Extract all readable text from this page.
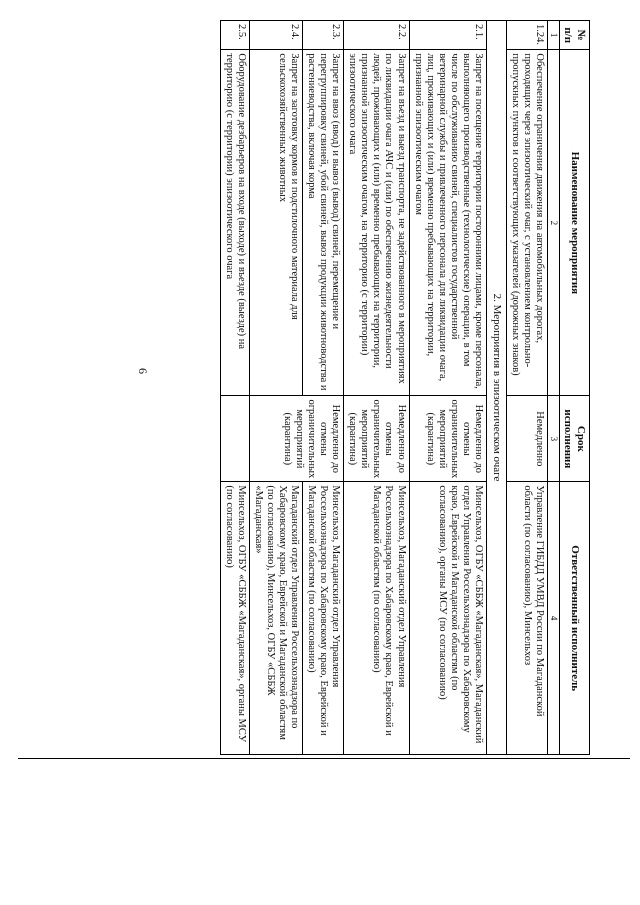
6
№ п/п	Наименование мероприятия	Срок исполнения	Ответственный исполнитель
1	2	3	4
1.24.	Обеспечение ограничения движения на автомобильных дорогах, проходящих через эпизоотический очаг, с установлением контрольно-пропускных пунктов и соответствующих указателей (дорожных знаков)	Немедленно	Управление ГИБДД УМВД России по Магаданской области (по согласованию), Минсельхоз
2. Мероприятия в эпизоотическом очаге			
2.1.	Запрет на посещение территории посторонними лицами, кроме персонала, выполняющего производственные (технологические) операции, в том числе по обслуживанию свиней, специалистов государственной ветеринарной службы и привлеченного персонала для ликвидации очага, лиц, проживающих и (или) временно пребывающих на территории, признанной эпизоотическим очагом	Немедленно до отмены ограничительных мероприятий (карантина)	Минсельхоз, ОГБУ «СББЖ «Магаданская», Магаданский отдел Управления Россельхознадзора по Хабаровскому краю, Еврейской и Магаданской областям (по согласованию), органы МСУ (по согласованию)
2.2.	Запрет на въезд и выезд транспорта, не задействованного в мероприятиях по ликвидации очага АЧС и (или) по обеспечению жизнедеятельности людей, проживающих и (или) временно пребывающих на территории, признанной эпизоотическим очагом, на территорию (с территории) эпизоотического очага	Немедленно до отмены ограничительных мероприятий (карантина)	Минсельхоз, Магаданский отдел Управления Россельхознадзора по Хабаровскому краю, Еврейской и Магаданской областям (по согласованию)
2.3.	Запрет на ввоз (ввод) и вывоз (вывод) свиней, перемещение и перегруппировку свиней, убой свиней, вывоз продукции животноводства и растениеводства, включая корма	Немедленно до отмены ограничительных мероприятий (карантина)	Минсельхоз, Магаданский отдел Управления Россельхознадзора по Хабаровскому краю, Еврейской и Магаданской областям (по согласованию)
2.4.	Запрет на заготовку кормов и подстилочного материала для сельскохозяйственных животных		Магаданский отдел Управления Россельхознадзора по Хабаровскому краю, Еврейской и Магаданской областям (по согласованию), Минсельхоз, ОГБУ «СББЖ «Магаданская»
2.5.	Оборудование дезбарьеров на входе (выходе) и въезде (выезде) на территорию (с территории) эпизоотического очага		Минсельхоз, ОГБУ «СББЖ «Магаданская», органы МСУ (по согласованию)
